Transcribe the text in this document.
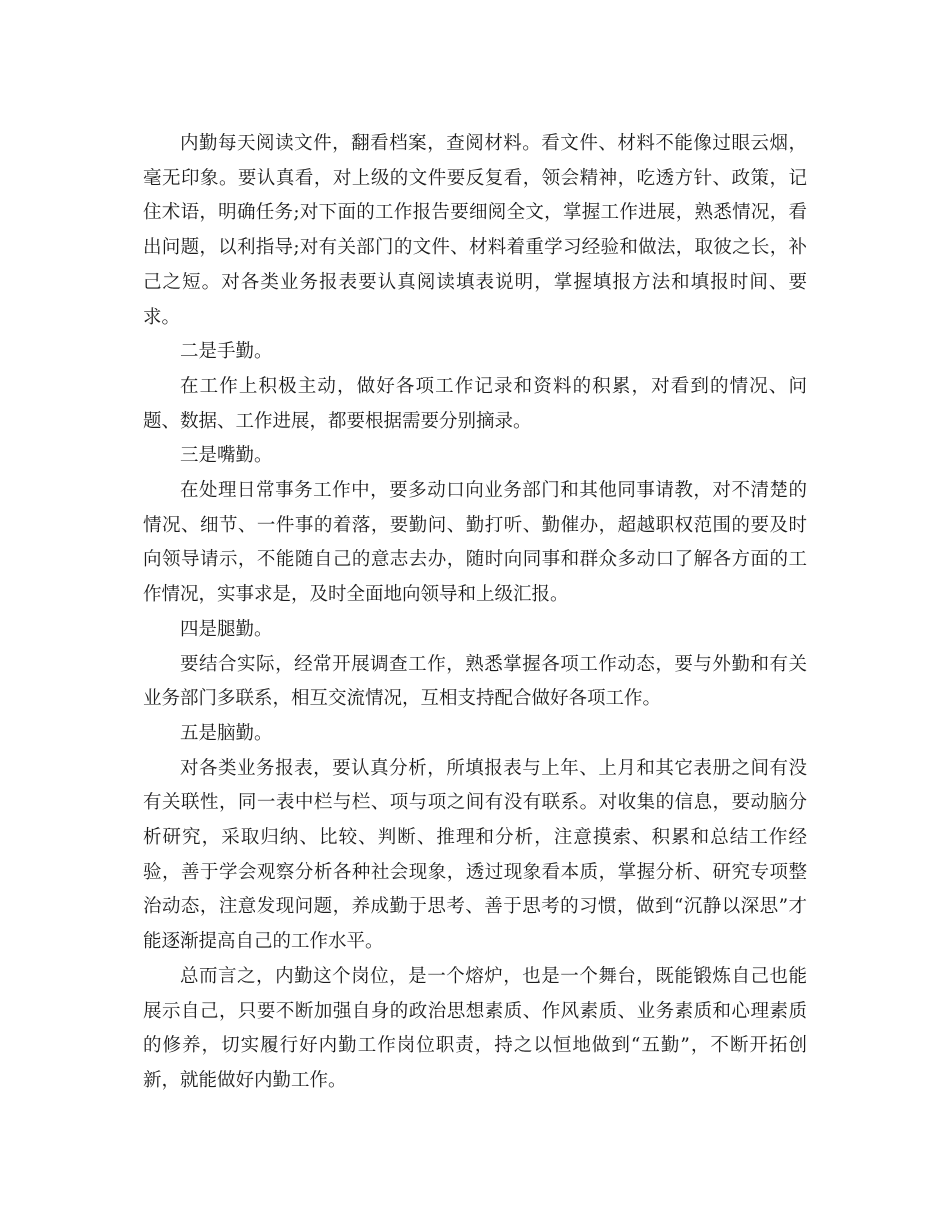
内勤每天阅读文件，翻看档案，查阅材料。看文件、材料不能像过眼云烟，毫无印象。要认真看，对上级的文件要反复看，领会精神，吃透方针、政策，记住术语，明确任务;对下面的工作报告要细阅全文，掌握工作进展，熟悉情况，看出问题，以利指导;对有关部门的文件、材料着重学习经验和做法，取彼之长，补己之短。对各类业务报表要认真阅读填表说明，掌握填报方法和填报时间、要求。

二是手勤。

在工作上积极主动，做好各项工作记录和资料的积累，对看到的情况、问题、数据、工作进展，都要根据需要分别摘录。

三是嘴勤。

在处理日常事务工作中，要多动口向业务部门和其他同事请教，对不清楚的情况、细节、一件事的着落，要勤问、勤打听、勤催办，超越职权范围的要及时向领导请示，不能随自己的意志去办，随时向同事和群众多动口了解各方面的工作情况，实事求是，及时全面地向领导和上级汇报。

四是腿勤。

要结合实际，经常开展调查工作，熟悉掌握各项工作动态，要与外勤和有关业务部门多联系，相互交流情况，互相支持配合做好各项工作。

五是脑勤。

对各类业务报表，要认真分析，所填报表与上年、上月和其它表册之间有没有关联性，同一表中栏与栏、项与项之间有没有联系。对收集的信息，要动脑分析研究，采取归纳、比较、判断、推理和分析，注意摸索、积累和总结工作经验，善于学会观察分析各种社会现象，透过现象看本质，掌握分析、研究专项整治动态，注意发现问题，养成勤于思考、善于思考的习惯，做到“沉静以深思”才能逐渐提高自己的工作水平。

总而言之，内勤这个岗位，是一个熔炉，也是一个舞台，既能锻炼自己也能展示自己，只要不断加强自身的政治思想素质、作风素质、业务素质和心理素质的修养，切实履行好内勤工作岗位职责，持之以恒地做到“五勤”，不断开拓创新，就能做好内勤工作。
